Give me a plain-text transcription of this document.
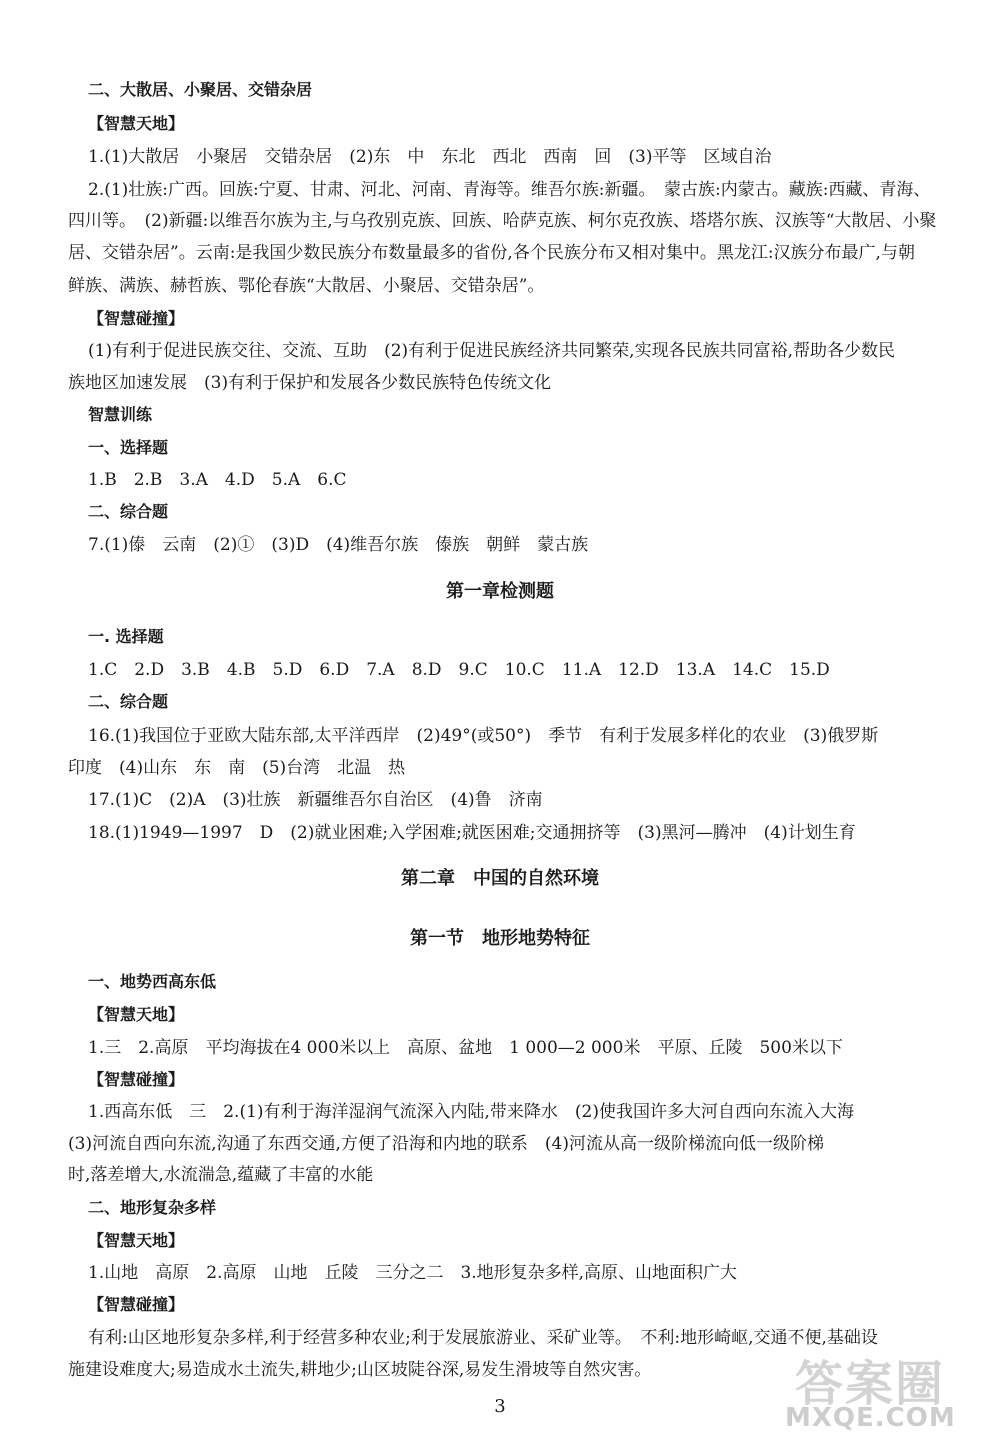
二、大散居、小聚居、交错杂居
【智慧天地】
1.(1)大散居　小聚居　交错杂居　(2)东　中　东北　西北　西南　回　(3)平等　区域自治
2.(1)壮族:广西。回族:宁夏、甘肃、河北、河南、青海等。维吾尔族:新疆。　蒙古族:内蒙古。藏族:西藏、青海、
四川等。　(2)新疆:以维吾尔族为主,与乌孜别克族、回族、哈萨克族、柯尔克孜族、塔塔尔族、汉族等“大散居、小聚
居、交错杂居”。云南:是我国少数民族分布数量最多的省份,各个民族分布又相对集中。黑龙江:汉族分布最广,与朝
鲜族、满族、赫哲族、鄂伦春族“大散居、小聚居、交错杂居”。
【智慧碰撞】
(1)有利于促进民族交往、交流、互助　(2)有利于促进民族经济共同繁荣,实现各民族共同富裕,帮助各少数民
族地区加速发展　(3)有利于保护和发展各少数民族特色传统文化
智慧训练
一、选择题
1.B　2.B　3.A　4.D　5.A　6.C
二、综合题
7.(1)傣　云南　(2)①　(3)D　(4)维吾尔族　傣族　朝鲜　蒙古族
第一章检测题
一. 选择题
1.C　2.D　3.B　4.B　5.D　6.D　7.A　8.D　9.C　10.C　11.A　12.D　13.A　14.C　15.D
二、综合题
16.(1)我国位于亚欧大陆东部,太平洋西岸　(2)49°(或50°)　季节　有利于发展多样化的农业　(3)俄罗斯
印度　(4)山东　东　南　(5)台湾　北温　热
17.(1)C　(2)A　(3)壮族　新疆维吾尔自治区　(4)鲁　济南
18.(1)1949—1997　D　(2)就业困难;入学困难;就医困难;交通拥挤等　(3)黑河—腾冲　(4)计划生育
第二章　中国的自然环境
第一节　地形地势特征
一、地势西高东低
【智慧天地】
1.三　2.高原　平均海拔在4 000米以上　高原、盆地　1 000—2 000米　平原、丘陵　500米以下
【智慧碰撞】
1.西高东低　三　2.(1)有利于海洋湿润气流深入内陆,带来降水　(2)使我国许多大河自西向东流入大海
(3)河流自西向东流,沟通了东西交通,方便了沿海和内地的联系　(4)河流从高一级阶梯流向低一级阶梯
时,落差增大,水流湍急,蕴藏了丰富的水能
二、地形复杂多样
【智慧天地】
1.山地　高原　2.高原　山地　丘陵　三分之二　3.地形复杂多样,高原、山地面积广大
【智慧碰撞】
有利:山区地形复杂多样,利于经营多种农业;利于发展旅游业、采矿业等。　不利:地形崎岖,交通不便,基础设
施建设难度大;易造成水土流失,耕地少;山区坡陡谷深,易发生滑坡等自然灾害。
3	答案圈
MXQE.COM
